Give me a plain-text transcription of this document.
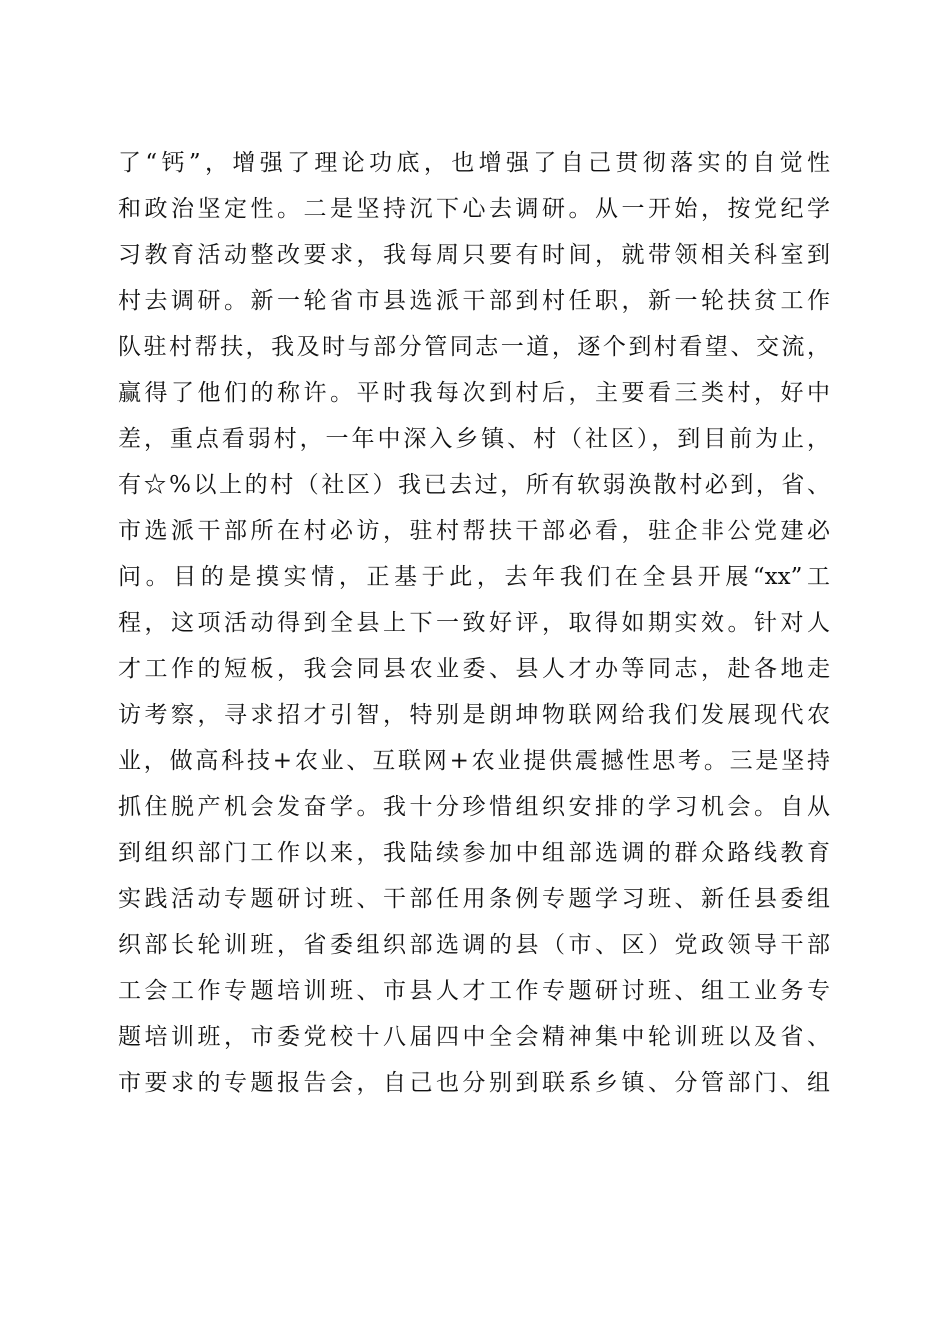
了“钙”，增强了理论功底，也增强了自己贯彻落实的自觉性
和政治坚定性。二是坚持沉下心去调研。从一开始，按党纪学
习教育活动整改要求，我每周只要有时间，就带领相关科室到
村去调研。新一轮省市县选派干部到村任职，新一轮扶贫工作
队驻村帮扶，我及时与部分管同志一道，逐个到村看望、交流，
赢得了他们的称许。平时我每次到村后，主要看三类村，好中
差，重点看弱村，一年中深入乡镇、村（社区），到目前为止，
有☆%以上的村（社区）我已去过，所有软弱涣散村必到，省、
市选派干部所在村必访，驻村帮扶干部必看，驻企非公党建必
问。目的是摸实情，正基于此，去年我们在全县开展“xx”工
程，这项活动得到全县上下一致好评，取得如期实效。针对人
才工作的短板，我会同县农业委、县人才办等同志，赴各地走
访考察，寻求招才引智，特别是朗坤物联网给我们发展现代农
业，做高科技+农业、互联网+农业提供震撼性思考。三是坚持
抓住脱产机会发奋学。我十分珍惜组织安排的学习机会。自从
到组织部门工作以来，我陆续参加中组部选调的群众路线教育
实践活动专题研讨班、干部任用条例专题学习班、新任县委组
织部长轮训班，省委组织部选调的县（市、区）党政领导干部
工会工作专题培训班、市县人才工作专题研讨班、组工业务专
题培训班，市委党校十八届四中全会精神集中轮训班以及省、
市要求的专题报告会，自己也分别到联系乡镇、分管部门、组
